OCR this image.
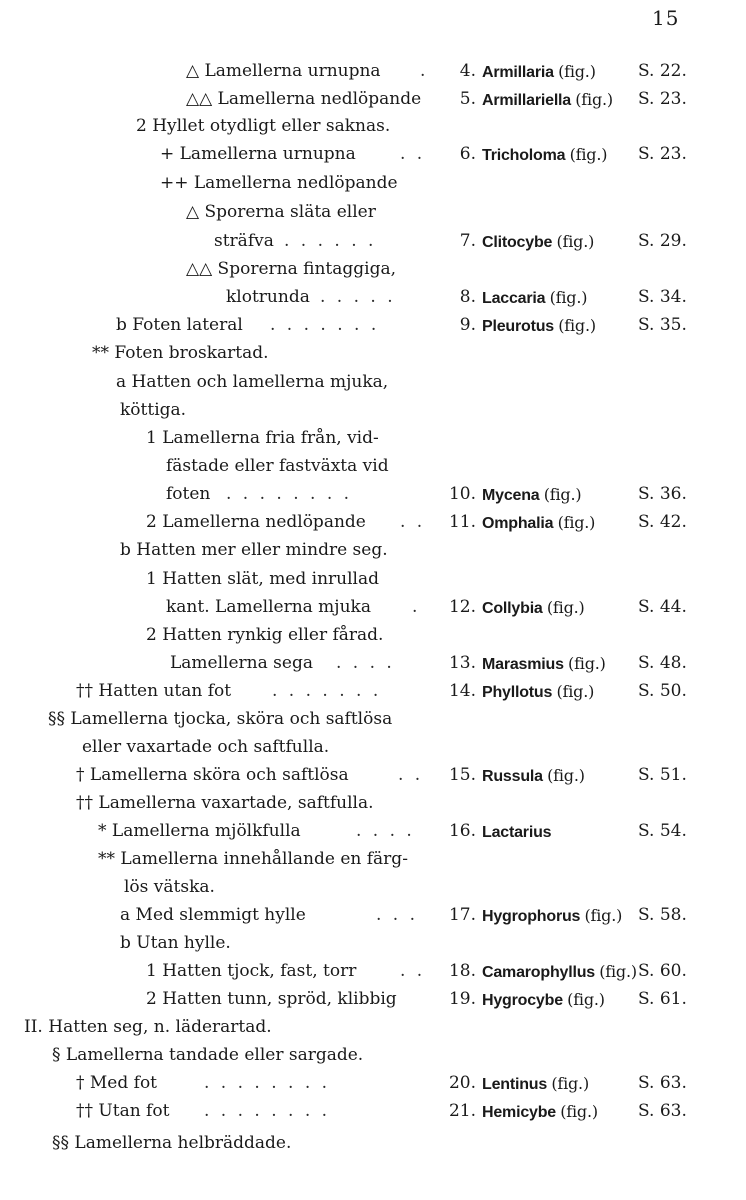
15
△ Lamellerna urnupna .	4. Armillaria (fig.) S. 22.
△△ Lamellerna nedlöpande	5. Armillariella (fig.) S. 23.
2 Hyllet otydligt eller saknas.
+ Lamellerna urnupna	. .	6. Tricholoma (fig.) S. 23.
++ Lamellerna nedlöpande
△ Sporerna släta eller
sträfva . . . . . .	7. Clitocybe (fig.)	S. 29.
△△ Sporerna fintaggiga,
klotrunda . . . . .	8. Laccaria (fig.)	S. 34.
b Foten lateral . . . . . . .	9. Pleurotus (fig.) S. 35.
** Foten broskartad.
a Hatten och lamellerna mjuka,
köttiga.
1 Lamellerna fria från, vid-
fästade eller fastväxta vid
foten . . . . . . . .	10. Mycena (fig.)	S. 36.
2 Lamellerna nedlöpande . .	11. Omphalia (fig.)	S. 42.
b Hatten mer eller mindre seg.
1 Hatten slät, med inrullad
kant. Lamellerna mjuka .	12. Collybia (fig.)	S. 44.
2 Hatten rynkig eller fårad.
Lamellerna sega . . . .	13. Marasmius (fig.) S. 48.
†† Hatten utan fot . . . . . . .	14. Phyllotus (fig.)	S. 50.
§§ Lamellerna tjocka, sköra och saftlösa
eller vaxartade och saftfulla.
† Lamellerna sköra och saftlösa	. .	15. Russula (fig.)	S. 51.
†† Lamellerna vaxartade, saftfulla.
* Lamellerna mjölkfulla	. . . .	16. Lactarius	S. 54.
** Lamellerna innehållande en färg-
lös vätska.
a Med slemmigt hylle	. . .	17. Hygrophorus (fig.) S. 58.
b Utan hylle.
1 Hatten tjock, fast, torr	. .	18. Camarophyllus (fig.) S. 60.
2 Hatten tunn, spröd, klibbig	19. Hygrocybe (fig.) S. 61.
II. Hatten seg, n. läderartad.
§ Lamellerna tandade eller sargade.
† Med fot	. . . . . . . .	20. Lentinus (fig.)	S. 63.
†† Utan fot . . . . . . . .	21. Hemicybe (fig.) S. 63.
§§ Lamellerna helbräddade.
